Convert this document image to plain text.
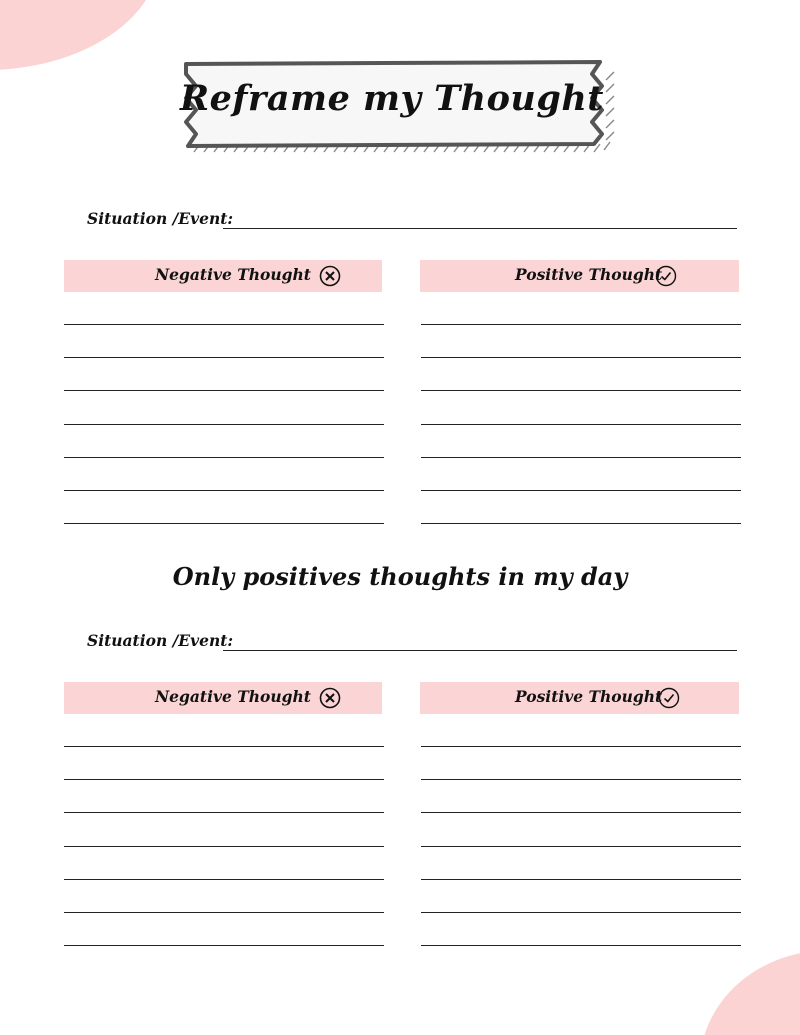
Reframe my Thought
Situation /Event:
Negative Thought	Positive Thought
Only positives thoughts in my day
Situation /Event:
Negative Thought	Positive Thought
